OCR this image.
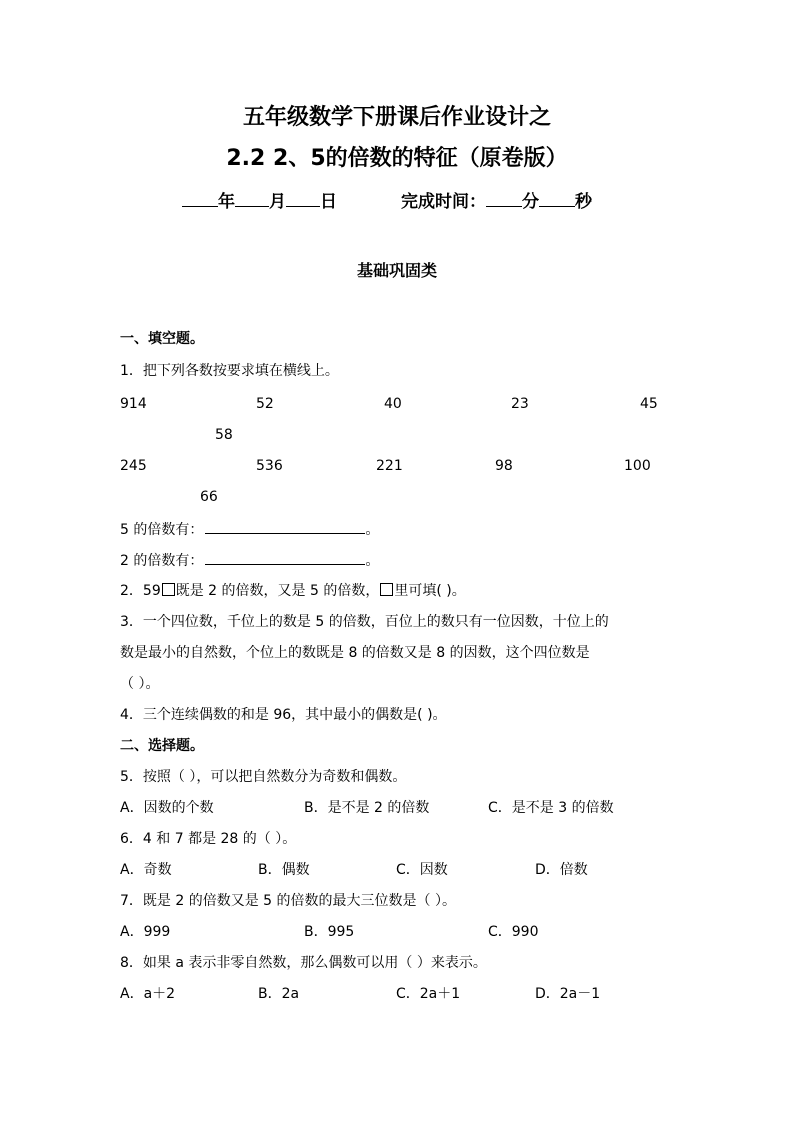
五年级数学下册课后作业设计之
2.2 2、5的倍数的特征（原卷版）
年 月 日	完成时间： 分 秒
基础巩固类
一、填空题。
1．把下列各数按要求填在横线上。
914	52	40	23	45
58
245	536	221	98	100
66
5 的倍数有：	。
2 的倍数有：	。
2．59 既是 2 的倍数，又是 5 的倍数， 里可填( )。
3．一个四位数，千位上的数是 5 的倍数，百位上的数只有一位因数，十位上的
数是最小的自然数，个位上的数既是 8 的倍数又是 8 的因数，这个四位数是
（ ）。
4．三个连续偶数的和是 96，其中最小的偶数是( )。
二、选择题。
5．按照（ ），可以把自然数分为奇数和偶数。
A．因数的个数	B．是不是 2 的倍数	C．是不是 3 的倍数
6．4 和 7 都是 28 的（ ）。
A．奇数	B．偶数	C．因数	D．倍数
7．既是 2 的倍数又是 5 的倍数的最大三位数是（ ）。
A．999	B．995	C．990
8．如果 a 表示非零自然数，那么偶数可以用（ ）来表示。
A．a＋2	B．2a	C．2a＋1	D．2a－1
